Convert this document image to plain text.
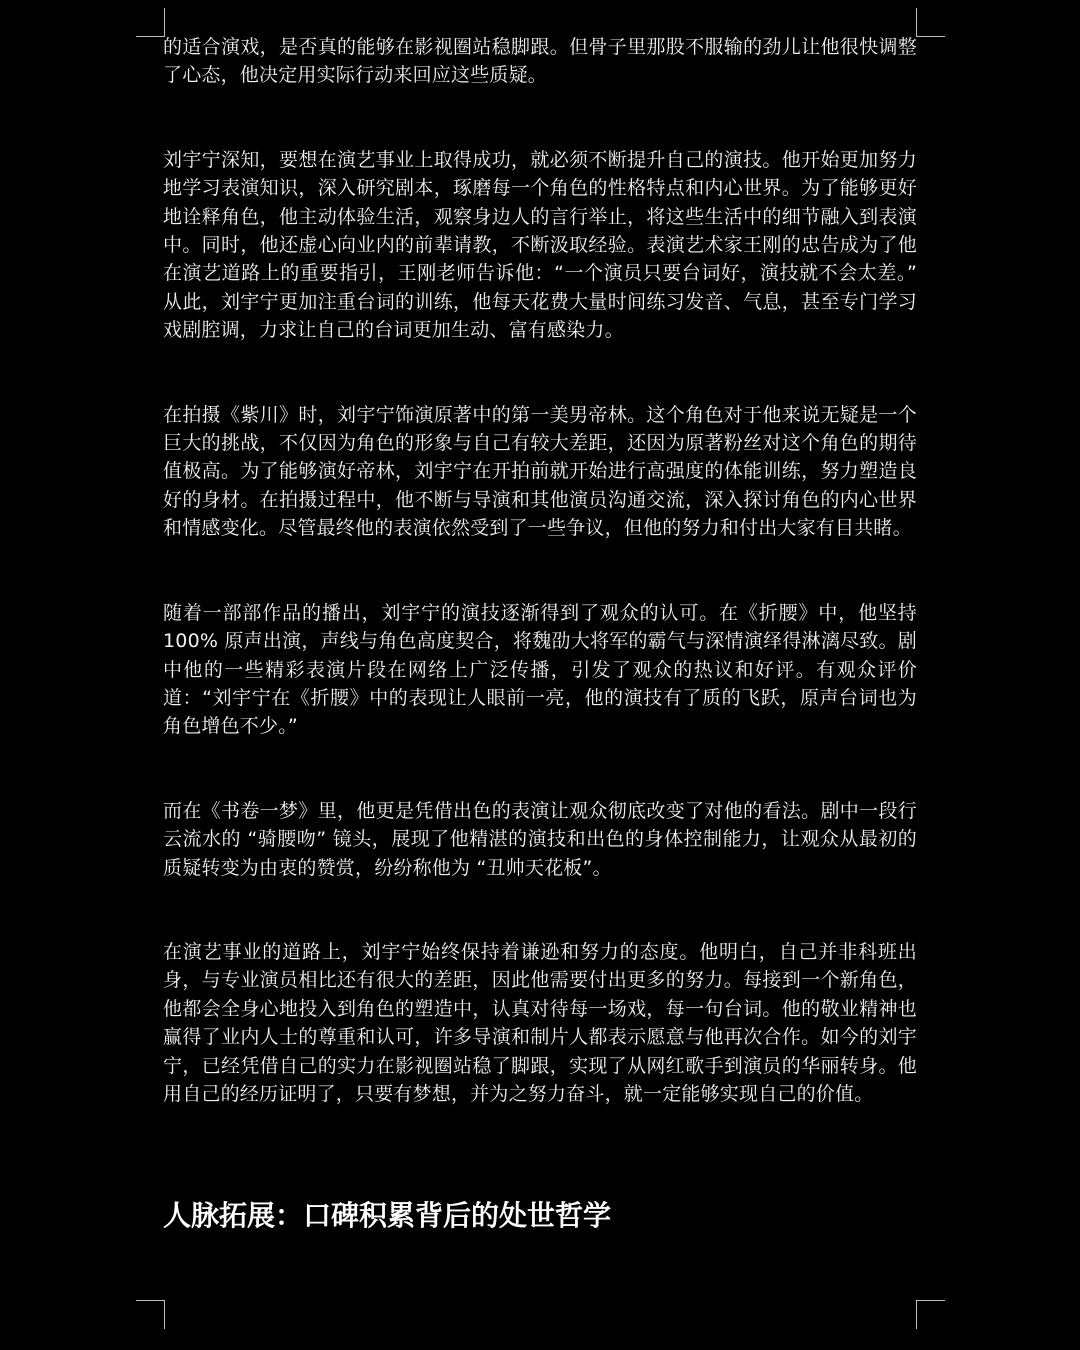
的适合演戏，是否真的能够在影视圈站稳脚跟。但骨子里那股不服输的劲儿让他很快调整了心态，他决定用实际行动来回应这些质疑。

刘宇宁深知，要想在演艺事业上取得成功，就必须不断提升自己的演技。他开始更加努力地学习表演知识，深入研究剧本，琢磨每一个角色的性格特点和内心世界。为了能够更好地诠释角色，他主动体验生活，观察身边人的言行举止，将这些生活中的细节融入到表演中。同时，他还虚心向业内的前辈请教，不断汲取经验。表演艺术家王刚的忠告成为了他在演艺道路上的重要指引，王刚老师告诉他：“一个演员只要台词好，演技就不会太差。” 从此，刘宇宁更加注重台词的训练，他每天花费大量时间练习发音、气息，甚至专门学习戏剧腔调，力求让自己的台词更加生动、富有感染力。

在拍摄《紫川》时，刘宇宁饰演原著中的第一美男帝林。这个角色对于他来说无疑是一个巨大的挑战，不仅因为角色的形象与自己有较大差距，还因为原著粉丝对这个角色的期待值极高。为了能够演好帝林，刘宇宁在开拍前就开始进行高强度的体能训练，努力塑造良好的身材。在拍摄过程中，他不断与导演和其他演员沟通交流，深入探讨角色的内心世界和情感变化。尽管最终他的表演依然受到了一些争议，但他的努力和付出大家有目共睹。

随着一部部作品的播出，刘宇宁的演技逐渐得到了观众的认可。在《折腰》中，他坚持 100% 原声出演，声线与角色高度契合，将魏劭大将军的霸气与深情演绎得淋漓尽致。剧中他的一些精彩表演片段在网络上广泛传播，引发了观众的热议和好评。有观众评价道：“刘宇宁在《折腰》中的表现让人眼前一亮，他的演技有了质的飞跃，原声台词也为角色增色不少。”

而在《书卷一梦》里，他更是凭借出色的表演让观众彻底改变了对他的看法。剧中一段行云流水的 “骑腰吻” 镜头，展现了他精湛的演技和出色的身体控制能力，让观众从最初的质疑转变为由衷的赞赏，纷纷称他为 “丑帅天花板”。

在演艺事业的道路上，刘宇宁始终保持着谦逊和努力的态度。他明白，自己并非科班出身，与专业演员相比还有很大的差距，因此他需要付出更多的努力。每接到一个新角色，他都会全身心地投入到角色的塑造中，认真对待每一场戏，每一句台词。他的敬业精神也赢得了业内人士的尊重和认可，许多导演和制片人都表示愿意与他再次合作。如今的刘宇宁，已经凭借自己的实力在影视圈站稳了脚跟，实现了从网红歌手到演员的华丽转身。他用自己的经历证明了，只要有梦想，并为之努力奋斗，就一定能够实现自己的价值。

人脉拓展：口碑积累背后的处世哲学
